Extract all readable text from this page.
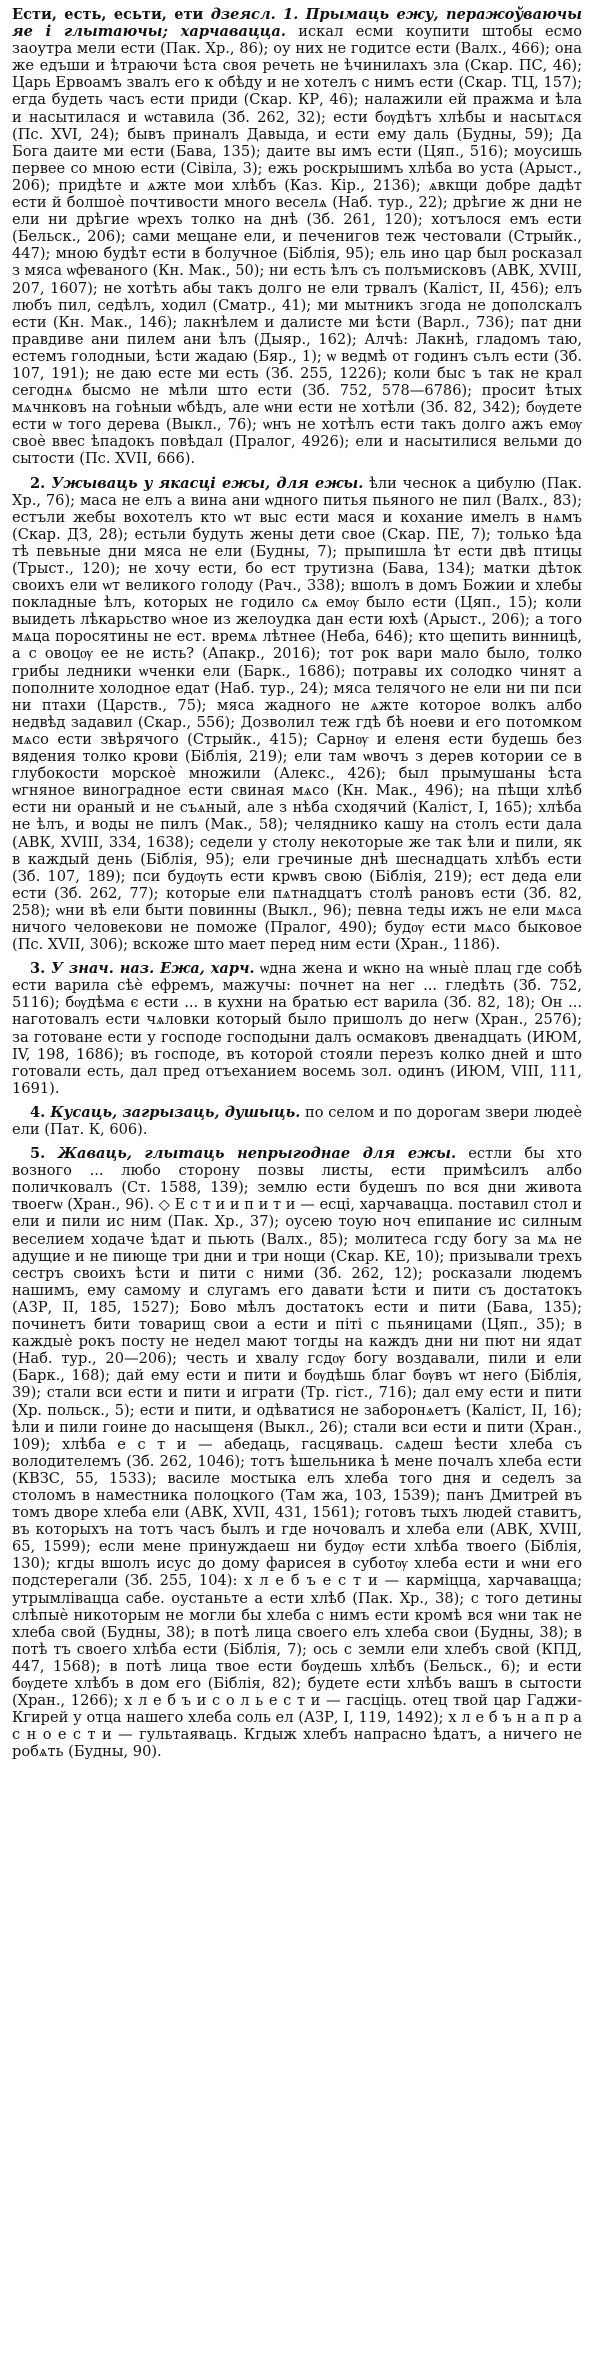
Ести, есть, есьти, ети дзеясл. 1. Прымаць ежу, перажоўваючы яе і глытаючы; харчавацца. искал есми коупити штобы есмо заоутра мели ести (Пак. Хр., 86); оу них не годитсе ести (Валх., 466); она же едъши и ѣтраючи ѣста своя речеть не ѣчинилахъ зла (Скар. ПС, 46); Царь Ервоамъ звалъ его к обѣду и не хотелъ с нимъ ести (Скар. ТЦ, 157); егда будеть часъ ести приди (Скар. КР, 46); налажили ей пражма и ѣла и насытилася и ѡставила (Зб. 262, 32); ести бѹдѣтъ хлѣбы и насытѧся (Пс. XVI, 24); бывъ приналъ Давыда, и ести ему даль (Будны, 59); Да Бога даите ми ести (Бава, 135); даите вы имъ ести (Цяп., 516); моусишь первее со мною ести (Сівіла, 3); ежь роскрышимъ хлѣба во уста (Арыст., 206); придѣте и ѧжте мои хлѣбъ (Каз. Кір., 2136); ѧвкщи добре дадѣт ести й болшоѐ почтивости много веселѧ (Наб. тур., 22); дрѣгие ж дни не ели ни дрѣгие ѡрехъ толко на днѣ (Зб. 261, 120); хотълося емъ ести (Бельск., 206); сами мещане ели, и печенигов теж честовали (Стрыйк., 447); мною будѣт ести в болучное (Біблія, 95); ель ино цар был росказал з мяса ѡфеваного (Кн. Мак., 50); ни есть ѣлъ съ полъмисковъ (АВК, XVIII, 207, 1607); не хотѣть абы такъ долго не ели трвалъ (Каліст, II, 456); елъ любъ пил, седѣлъ, ходил (Сматр., 41); ми мытникъ згода не дополскалъ ести (Кн. Мак., 146); лакнѣлем и далисте ми ѣсти (Варл., 736); пат дни правдиве ани пилем ани ѣлъ (Дыяр., 162); Алчѣ: Лакнѣ, гладомъ таю, естемъ голодныи, ѣсти жадаю (Бяр., 1); ѡ ведмѣ от годинъ сълъ ести (Зб. 107, 191); не даю есте ми есть (Зб. 255, 1226); коли быс ъ так не крал сегоднѧ бысмо не мѣли што ести (Зб. 752, 578—6786); просит ѣтых мѧчнковъ на гоѣныи ѡбѣдъ, але ѡни ести не хотѣли (Зб. 82, 342); бѹдете ести ѡ того дерева (Выкл., 76); ѡнъ не хотѣлъ ести такъ долго ажъ емѹ своѐ ввес ѣпадокъ повѣдал (Пралог, 4926); ели и насытилися вельми до сытости (Пс. XVII, 666).

2. Ужываць у якасці ежы, для ежы. ѣли чеснок а цибулю (Пак. Хр., 76); маса не елъ а вина ани ѡдного питья пьяного не пил (Валх., 83); естъли жебы вохотелъ кто ѡт выс ести мася и кохание имелъ в нѧмъ (Скар. ДЗ, 28); естьли будуть жены дети свое (Скар. ПЕ, 7); только ѣда тѣ певьные дни мяса не ели (Будны, 7); прыпишла ѣт ести двѣ птицы (Трыст., 120); не хочу ести, бо ест трутизна (Бава, 134); матки дѣток своихъ ели ѡт великого голоду (Рач., 338); вшолъ в домъ Божии и хлебы покладные ѣлъ, которых не годило сѧ емѹ было ести (Цяп., 15); коли выидеть лѣкарьство ѡное из желоудка дан ести юхѣ (Арыст., 206); а того мѧца поросятины не ест. времѧ лѣтнее (Неба, 646); кто щепить винницѣ, а с овоцѹ ее не исть? (Апакр., 2016); тот рок вари мало было, толко грибы ледники ѡченки ели (Барк., 1686); потравы их солодко чинят а пополните холодное едат (Наб. тур., 24); мяса телячого не ели ни пи пси ни птахи (Царств., 75); мяса жадного не ѧжте которое волкъ албо недвѣд задавил (Скар., 556); Дозволил теж гдѣ бѣ ноеви и его потомком мѧсо ести звѣрячого (Стрыйк., 415); Сарнѹ и еленя ести будешь без вядения толко крови (Біблія, 219); ели там ѡвочъ з дерев котории се в глубокости морскоѐ множили (Алекс., 426); был прымушаны ѣста ѡгняное виноградное ести свиная мѧсо (Кн. Мак., 496); на пѣщи хлѣб ести ни ораный и не съѧный, але з нѣба сходячий (Каліст, I, 165); хлѣба не ѣлъ, и воды не пилъ (Мак., 58); челяднико кашу на столъ ести дала (АВК, XVIII, 334, 1638); седели у столу некоторые же так ѣли и пили, як в каждый день (Біблія, 95); ели гречиные днѣ шеснадцать хлѣбъ ести (Зб. 107, 189); пси будѹть ести крѡвъ свою (Біблія, 219); ест деда ели ести (Зб. 262, 77); которые ели пѧтнадцатъ столѣ рановъ ести (Зб. 82, 258); ѡни вѣ ели быти повинны (Выкл., 96); певна теды ижъ не ели мѧса ничого человекови не поможе (Пралог, 490); будѹ ести мѧсо быковое (Пс. XVII, 306); вскоже што мает перед ним ести (Хран., 1186).

3. У знач. наз. Ежа, харч. ѡдна жена и ѡкно на ѡныѐ плац где собѣ ести варила сѣѐ ефремъ, мажучы: почнет на нег ... гледѣть (Зб. 752, 5116); бѹдѣма є ести ... в кухни на братью ест варила (Зб. 82, 18); Он ... наготовалъ ести чѧловки который было пришолъ до негѡ (Хран., 2576); за готоване ести у господе господыни далъ осмаковъ двенадцать (ИЮМ, IV, 198, 1686); въ господе, въ которой стояли перезъ колко дней и што готовали есть, дал пред отъеханием восемь зол. одинъ (ИЮМ, VIII, 111, 1691).

4. Кусаць, загрызаць, душыць. по селом и по дорогам звери людеѐ ели (Пат. К, 606).

5. Жаваць, глытаць непрыгоднае для ежы. естли бы хто возного ... любо сторону позвы листы, ести примѣсилъ албо поличковалъ (Ст. 1588, 139); землю ести будешъ по вся дни живота твоегѡ (Хран., 96). ◇ Е с т и и п и т и — есці, харчавацца. поставил стол и ели и пили ис ним (Пак. Хр., 37); оусею тоую ноч епипание ис силным веселием ходаче ѣдат и пьють (Валх., 85); молитеса гсду богу за мѧ не адущие и не пиюще три дни и три нощи (Скар. КЕ, 10); призывали трехъ сестръ своихъ ѣсти и пити с ними (Зб. 262, 12); росказали людемъ нашимъ, ему самому и слугамъ его давати ѣсти и пити съ достатокъ (АЗР, II, 185, 1527); Бово мѣлъ достатокъ ести и пити (Бава, 135); починетъ бити товарищ свои а ести и піті с пьяницами (Цяп., 35); в каждыѐ рокъ посту не недел мают тогды на каждъ дни ни пют ни ядат (Наб. тур., 20—206); честь и хвалу гсдѹ богу воздавали, пили и ели (Барк., 168); дай ему ести и пити и бѹдѣшь благ бѹвъ ѡт него (Біблія, 39); стали вси ести и пити и играти (Тр. гіст., 716); дал ему ести и пити (Хр. польск., 5); ести и пити, и одѣватися не заборонѧетъ (Каліст, II, 16); ѣли и пили гоине до насыщеня (Выкл., 26); стали вси ести и пити (Хран., 109); хлѣба е с т и — абедаць, гасцяваць. сѧдеш ѣести хлеба съ володителемъ (Зб. 262, 1046); тотъ ѣшельника ѣ мене почалъ хлеба ести (КВЗС, 55, 1533); василе мостыка елъ хлеба того дня и седелъ за столомъ в наместника полоцкого (Там жа, 103, 1539); панъ Дмитрей въ томъ дворе хлеба ели (АВК, XVII, 431, 1561); готовъ тыхъ людей ставитъ, въ которыхъ на тотъ часъ былъ и где ночовалъ и хлеба ели (АВК, XVIII, 65, 1599); если мене принуждаеш ни будѹ ести хлѣба твоего (Біблія, 130); кгды вшолъ исус до дому фарисея в суботѹ хлеба ести и ѡни его подстерегали (Зб. 255, 104): х л е б ъ е с т и — карміцца, харчавацца; утрымлівацца сабе. оустаньте а ести хлѣб (Пак. Хр., 38); с того детины слѣпыѐ никоторым не могли бы хлеба с нимъ ести кромѣ вся ѡни так не хлеба свой (Будны, 38); в потѣ лица своего елъ хлеба свои (Будны, 38); в потѣ тъ своего хлѣба ести (Біблія, 7); ось с земли ели хлебъ свой (КПД, 447, 1568); в потѣ лица твое ести бѹдешь хлѣбъ (Бельск., 6); и ести бѹдете хлѣбъ в дом его (Біблія, 82); будете ести хлѣбъ вашъ в сытости (Хран., 1266); х л е б ъ и с о л ь е с т и — гасціць. отец твой цар Гаджи-Кгирей у отца нашего хлеба соль ел (АЗР, I, 119, 1492); х л е б ъ н а п р а с н о е с т и — гультаяваць. Кгдыж хлебъ напрасно ѣдатъ, а ничего не робѧть (Будны, 90).
